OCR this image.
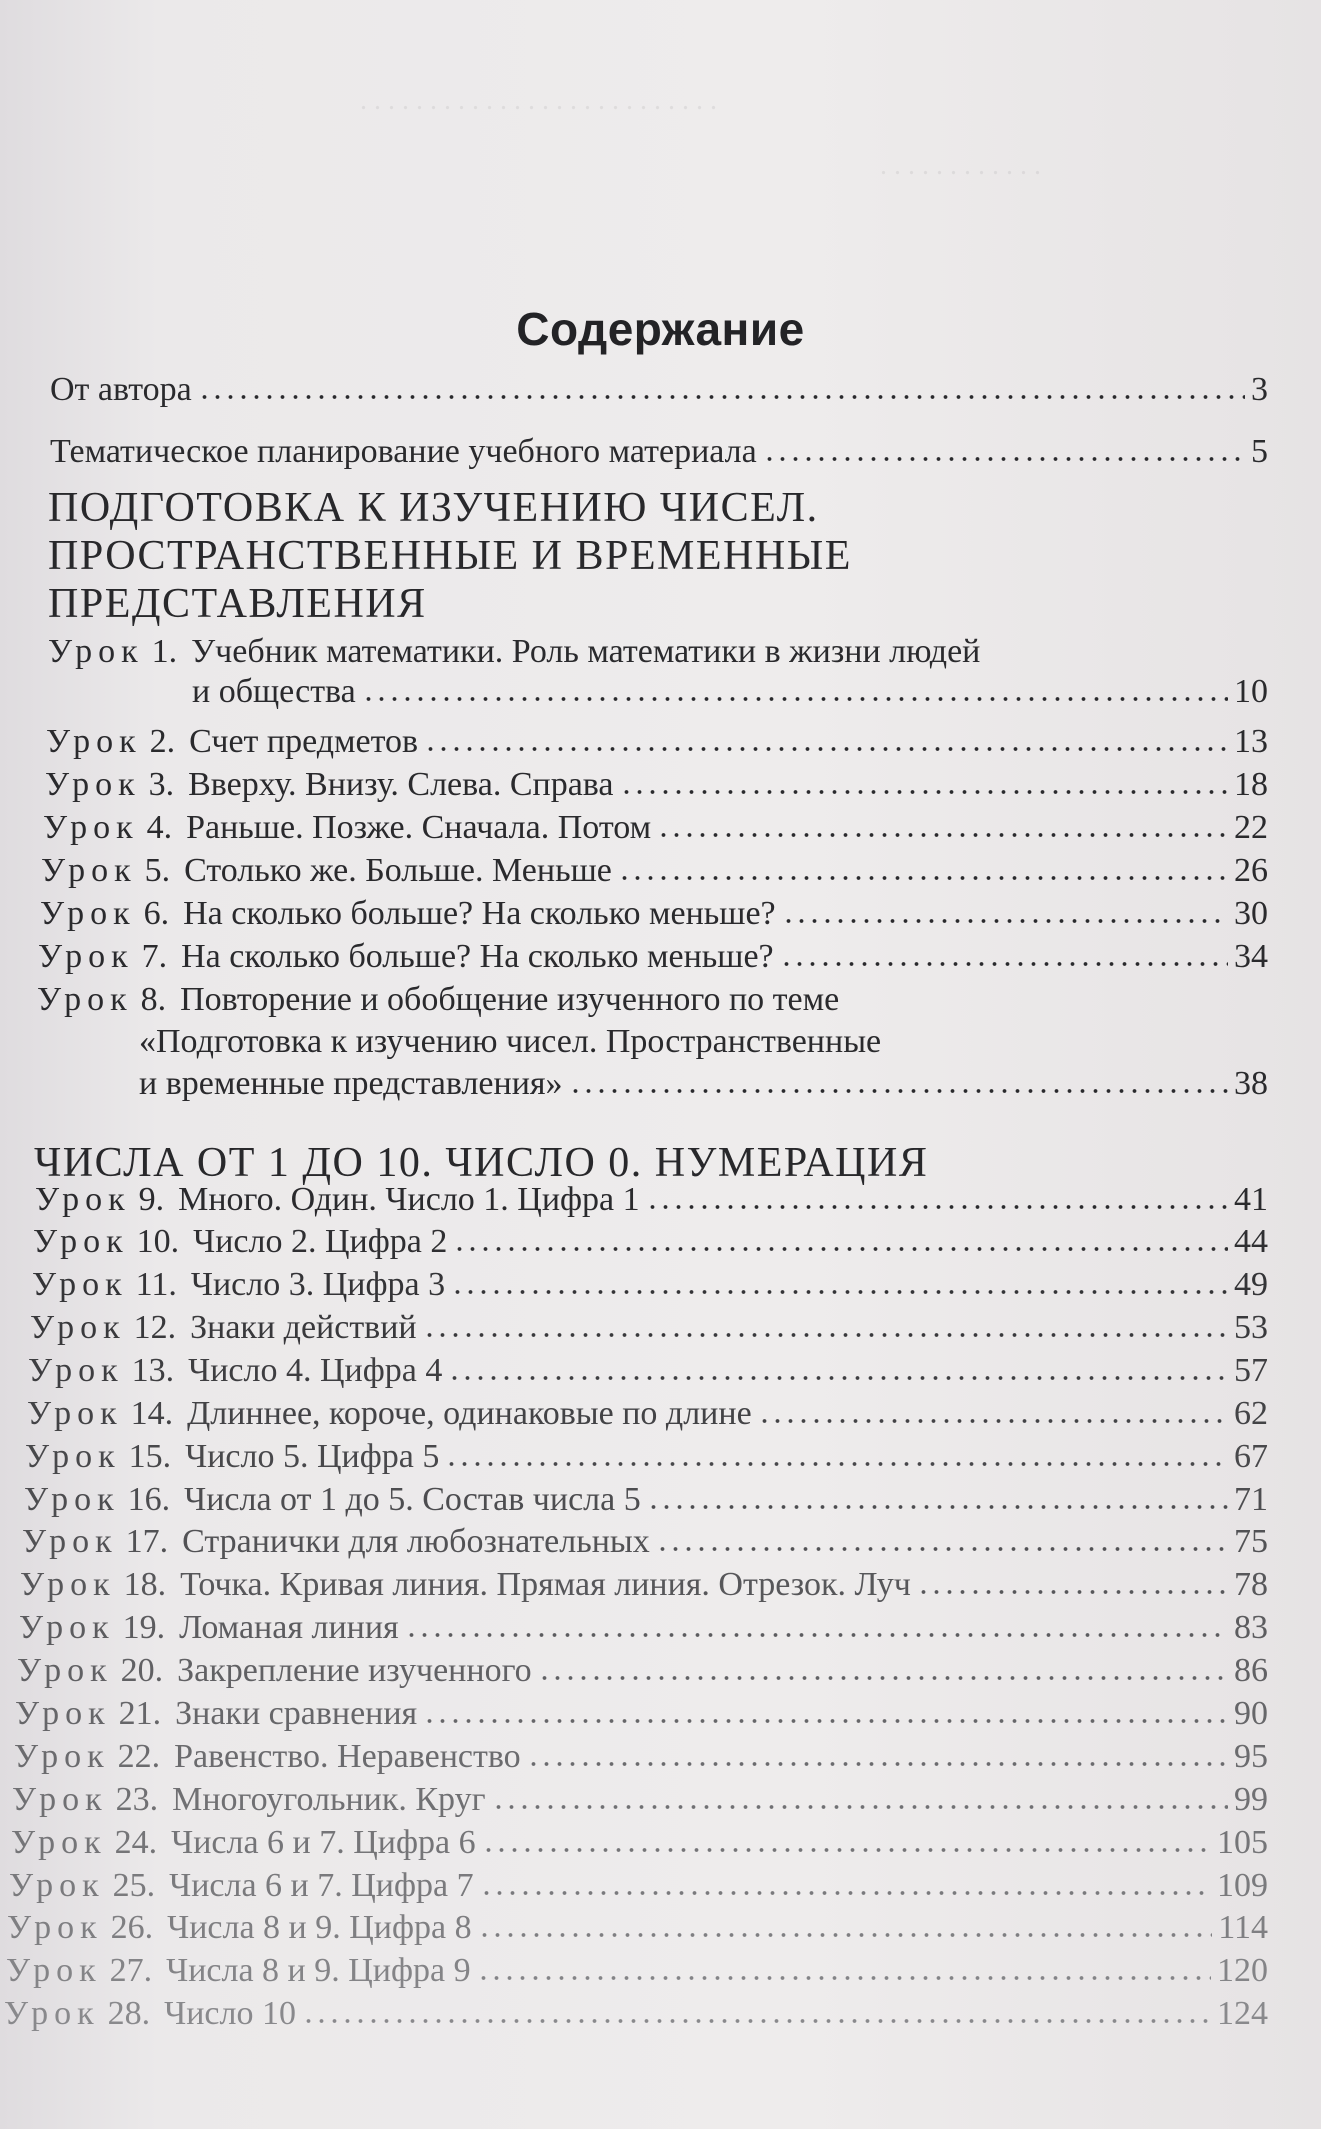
. . . . . . . . . . . . . . . . . . . . . . . . . .
. . . . . . . . . . . .
Содержание
От автора	3
Тематическое планирование учебного материала	5
ПОДГОТОВКА К ИЗУЧЕНИЮ ЧИСЕЛ.
ПРОСТРАНСТВЕННЫЕ И ВРЕМЕННЫЕ
ПРЕДСТАВЛЕНИЯ
ЧИСЛА ОТ 1 ДО 10. ЧИСЛО 0. НУМЕРАЦИЯ
Урок 1. Учебник математики. Роль математики в жизни людей
и общества	10
Урок 2. Счет предметов	13
Урок 3. Вверху. Внизу. Слева. Справа	18
Урок 4. Раньше. Позже. Сначала. Потом	22
Урок 5. Столько же. Больше. Меньше	26
Урок 6. На сколько больше? На сколько меньше?	30
Урок 7. На сколько больше? На сколько меньше?	34
Урок 8. Повторение и обобщение изученного по теме
«Подготовка к изучению чисел. Пространственные
и временные представления»	38
Урок 9. Много. Один. Число 1. Цифра 1	41
Урок 10. Число 2. Цифра 2	44
Урок 11. Число 3. Цифра 3	49
Урок 12. Знаки действий	53
Урок 13. Число 4. Цифра 4	57
Урок 14. Длиннее, короче, одинаковые по длине	62
Урок 15. Число 5. Цифра 5	67
Урок 16. Числа от 1 до 5. Состав числа 5	71
Урок 17. Странички для любознательных	75
Урок 18. Точка. Кривая линия. Прямая линия. Отрезок. Луч	78
Урок 19. Ломаная линия	83
Урок 20. Закрепление изученного	86
Урок 21. Знаки сравнения	90
Урок 22. Равенство. Неравенство	95
Урок 23. Многоугольник. Круг	99
Урок 24. Числа 6 и 7. Цифра 6	105
Урок 25. Числа 6 и 7. Цифра 7	109
Урок 26. Числа 8 и 9. Цифра 8	114
Урок 27. Числа 8 и 9. Цифра 9	120
Урок 28. Число 10	124
